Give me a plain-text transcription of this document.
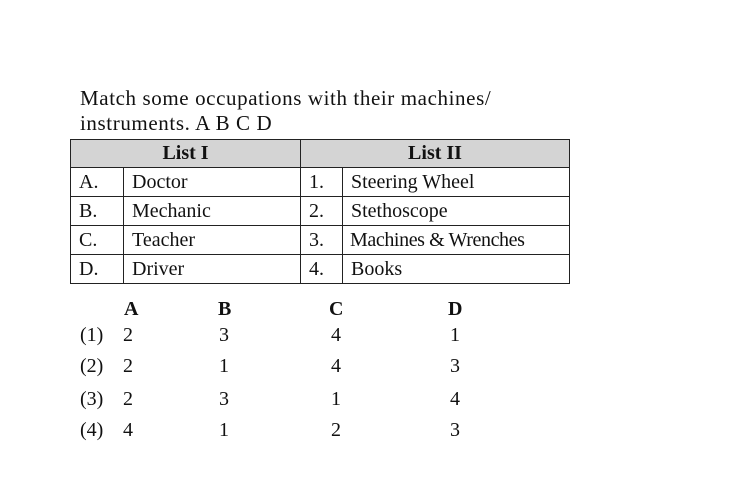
Match some occupations with their machines/
instruments. A B C D
List I		List II	
A.	Doctor	1.	Steering Wheel
B.	Mechanic	2.	Stethoscope
C.	Teacher	3.	Machines & Wrenches
D.	Driver	4.	Books
A	B	C	D
(1) 2	3	4	1
(2) 2	1	4	3
(3) 2	3	1	4
(4) 4	1	2	3
